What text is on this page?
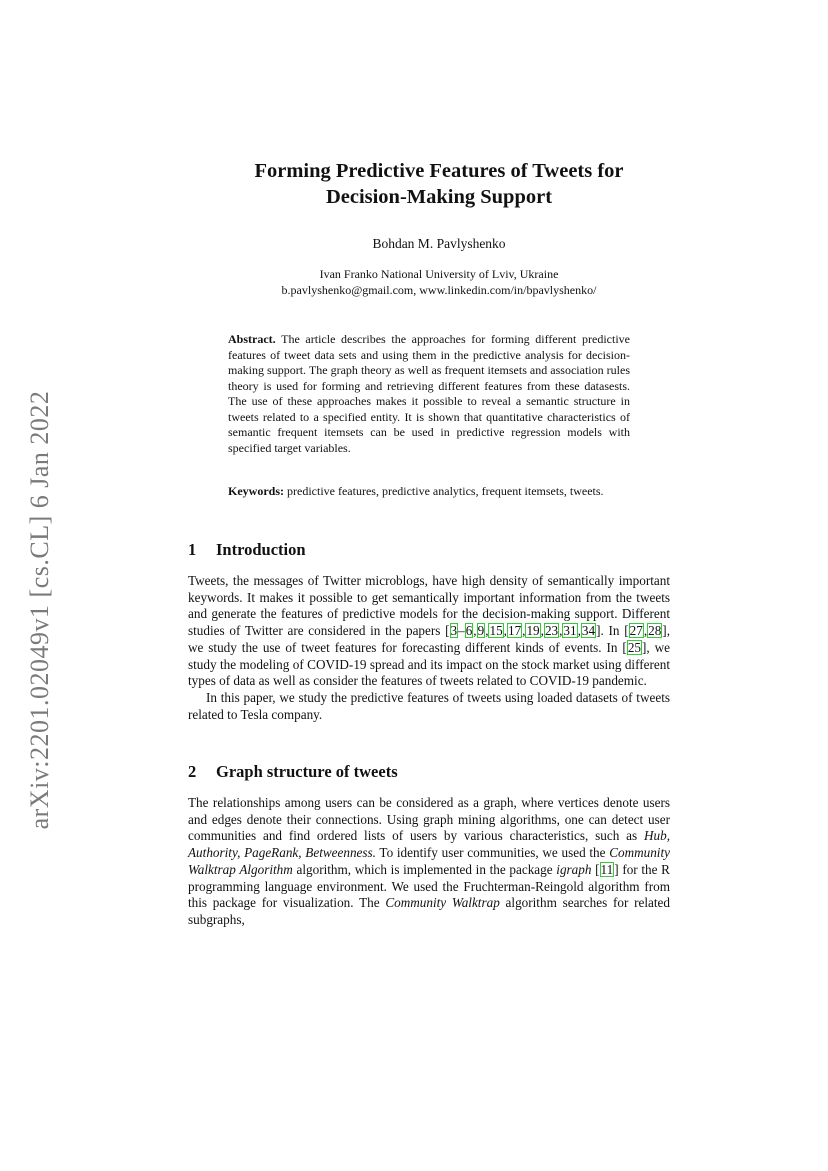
arXiv:2201.02049v1 [cs.CL] 6 Jan 2022
Forming Predictive Features of Tweets for
Decision-Making Support
Bohdan M. Pavlyshenko
Ivan Franko National University of Lviv, Ukraine
b.pavlyshenko@gmail.com, www.linkedin.com/in/bpavlyshenko/
Abstract. The article describes the approaches for forming different predictive features of tweet data sets and using them in the predictive analysis for decision-making support. The graph theory as well as frequent itemsets and association rules theory is used for forming and retrieving different features from these datasests. The use of these approaches makes it possible to reveal a semantic structure in tweets related to a specified entity. It is shown that quantitative characteristics of semantic frequent itemsets can be used in predictive regression models with specified target variables.
Keywords: predictive features, predictive analytics, frequent itemsets, tweets.
1 Introduction

Tweets, the messages of Twitter microblogs, have high density of semantically important keywords. It makes it possible to get semantically important information from the tweets and generate the features of predictive models for the decision-making support. Different studies of Twitter are considered in the papers [3–6,9,15,17,19,23,31,34]. In [27,28], we study the use of tweet features for forecasting different kinds of events. In [25], we study the modeling of COVID-19 spread and its impact on the stock market using different types of data as well as consider the features of tweets related to COVID-19 pandemic.

In this paper, we study the predictive features of tweets using loaded datasets of tweets related to Tesla company.

2 Graph structure of tweets

The relationships among users can be considered as a graph, where vertices denote users and edges denote their connections. Using graph mining algorithms, one can detect user communities and find ordered lists of users by various characteristics, such as Hub, Authority, PageRank, Betweenness. To identify user communities, we used the Community Walktrap Algorithm algorithm, which is implemented in the package igraph [11] for the R programming language environment. We used the Fruchterman-Reingold algorithm from this package for visualization. The Community Walktrap algorithm searches for related subgraphs,
